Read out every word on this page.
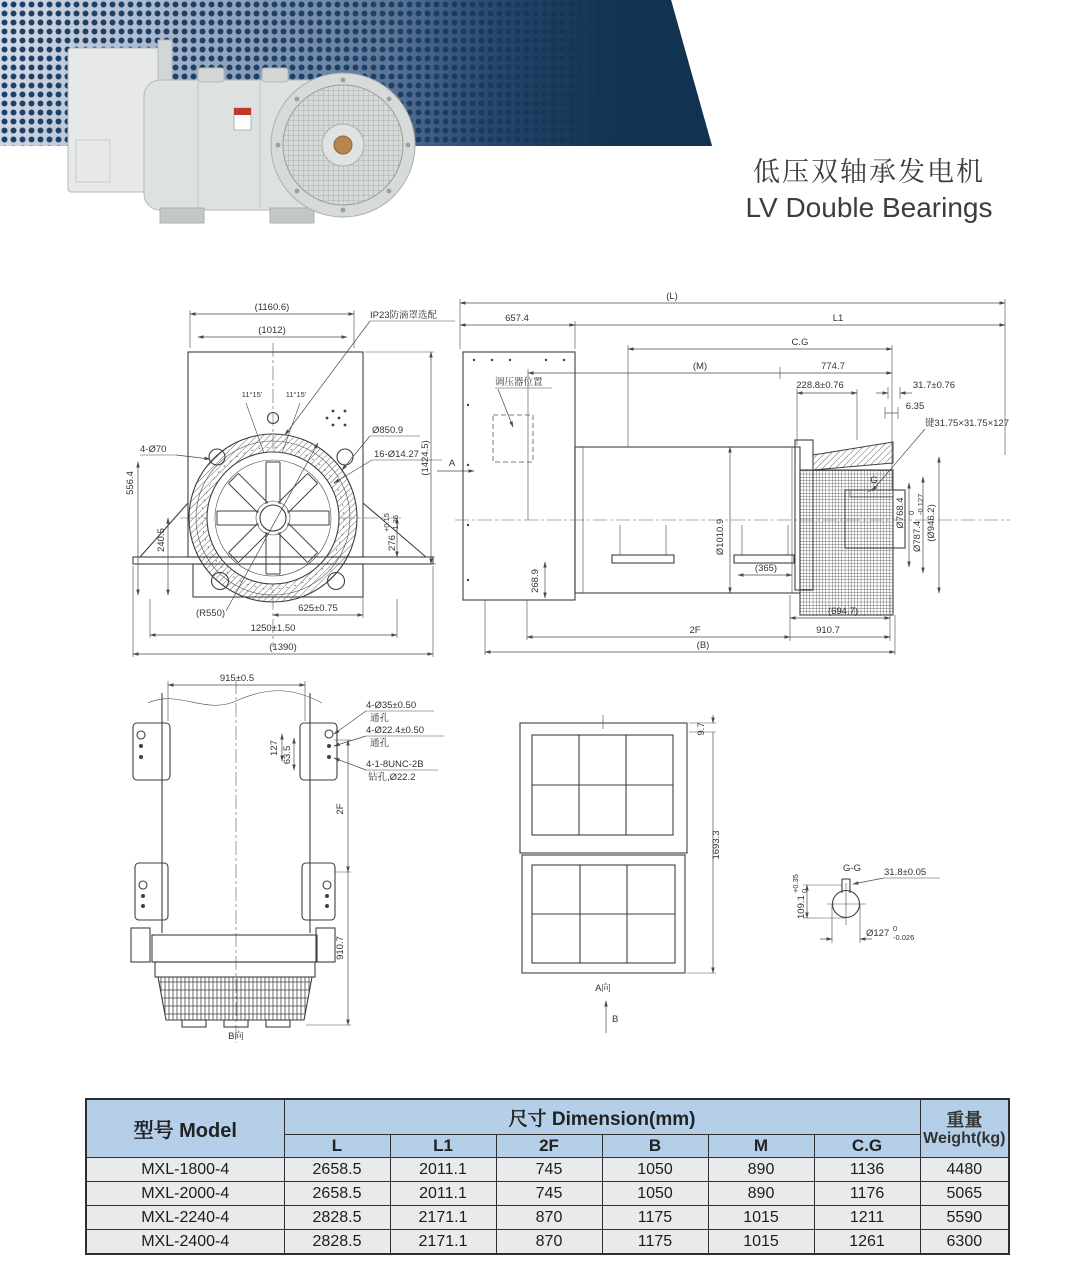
低压双轴承发电机
LV Double Bearings
(1160.6)
(1012)
IP23防滴罩选配
(1424.5)
11°15'	11°15'
Ø850.9
16-Ø14.27
4-Ø70
556.4
240.5	276
+0.15 -1.36
(R550)	625±0.75
1250±1.50
(1390)
A
(L)
657.4	L1
C.G
(M)	774.7
228.8±0.76	31.7±0.76
6.35
键31.75×31.75×127
G
Ø768.4
Ø787.4
0 -0.127 (Ø946.2)
Ø1010.9
268.9
(365)
(694.7)
2F	910.7
(B)
调压器位置
915±0.5
4-Ø35±0.50
通孔
4-Ø22.4±0.50
通孔
4-1-8UNC-2B
钻孔,Ø22.2
127 63.5
2F
910.7
B向
9.7
1693.3
A向
B
G-G 31.8±0.05
Ø127 0
-0.026
109.1
+0.35 0
型号 Model	尺寸 Dimension(mm)						重量
Weight(kg)

	L	L1	2F	B	M	C.G	
MXL-1800-4	2658.5	2011.1	745	1050	890	1136	4480
MXL-2000-4	2658.5	2011.1	745	1050	890	1176	5065
MXL-2240-4	2828.5	2171.1	870	1175	1015	1211	5590
MXL-2400-4	2828.5	2171.1	870	1175	1015	1261	6300
